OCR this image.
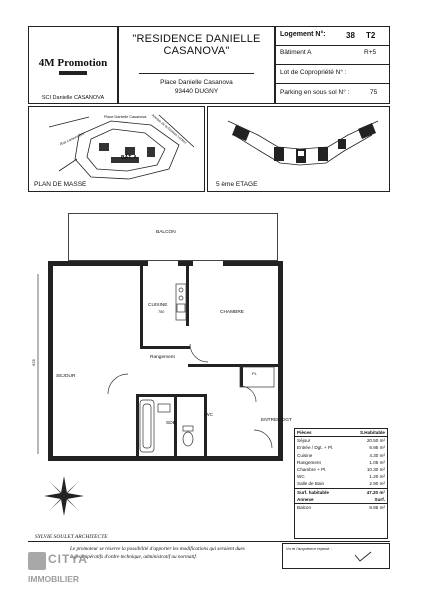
4M Promotion
SCI Danielle CASANOVA
"RESIDENCE DANIELLE CASANOVA"
Place Danielle Casanova
93440 DUGNY
Logement N°:	38 T2
Bâtiment A	R+5
Lot de Copropriété N° :
Parking en sous sol N° :	75
Place Danielle Casanova
Rue Lamoricière	Avenue de la Division Leclerc
BÂT. A
PLAN DE MASSE	5 ème ETAGE
BALCON
CUISINE
750	CHAMBRE
Rangement
SEJOUR
SDB
WC
ENTREE/DGT
PL
625
Pièces	S.Habitable
Séjour	20.50 m²
Entrée / Dgt. + Pl.	6.95 m²
Cuisine	4.30 m²
Rangement	1.05 m²
Chambre + Pl.	10.30 m²
WC	1.20 m²
Salle de Bain	2.90 m²
Surf. habitable	47.20 m²
Annexe	Surf.
Balcon	8.85 m²
SYLVIE SOULET ARCHITECTE
Le promoteur se réserve la possibilité d'apporter les modifications qui seraient dues
à des impératifs d'ordre technique, administratif ou normatif.
Vu et l'acquéreur reposé :
CITYA
IMMOBILIER
